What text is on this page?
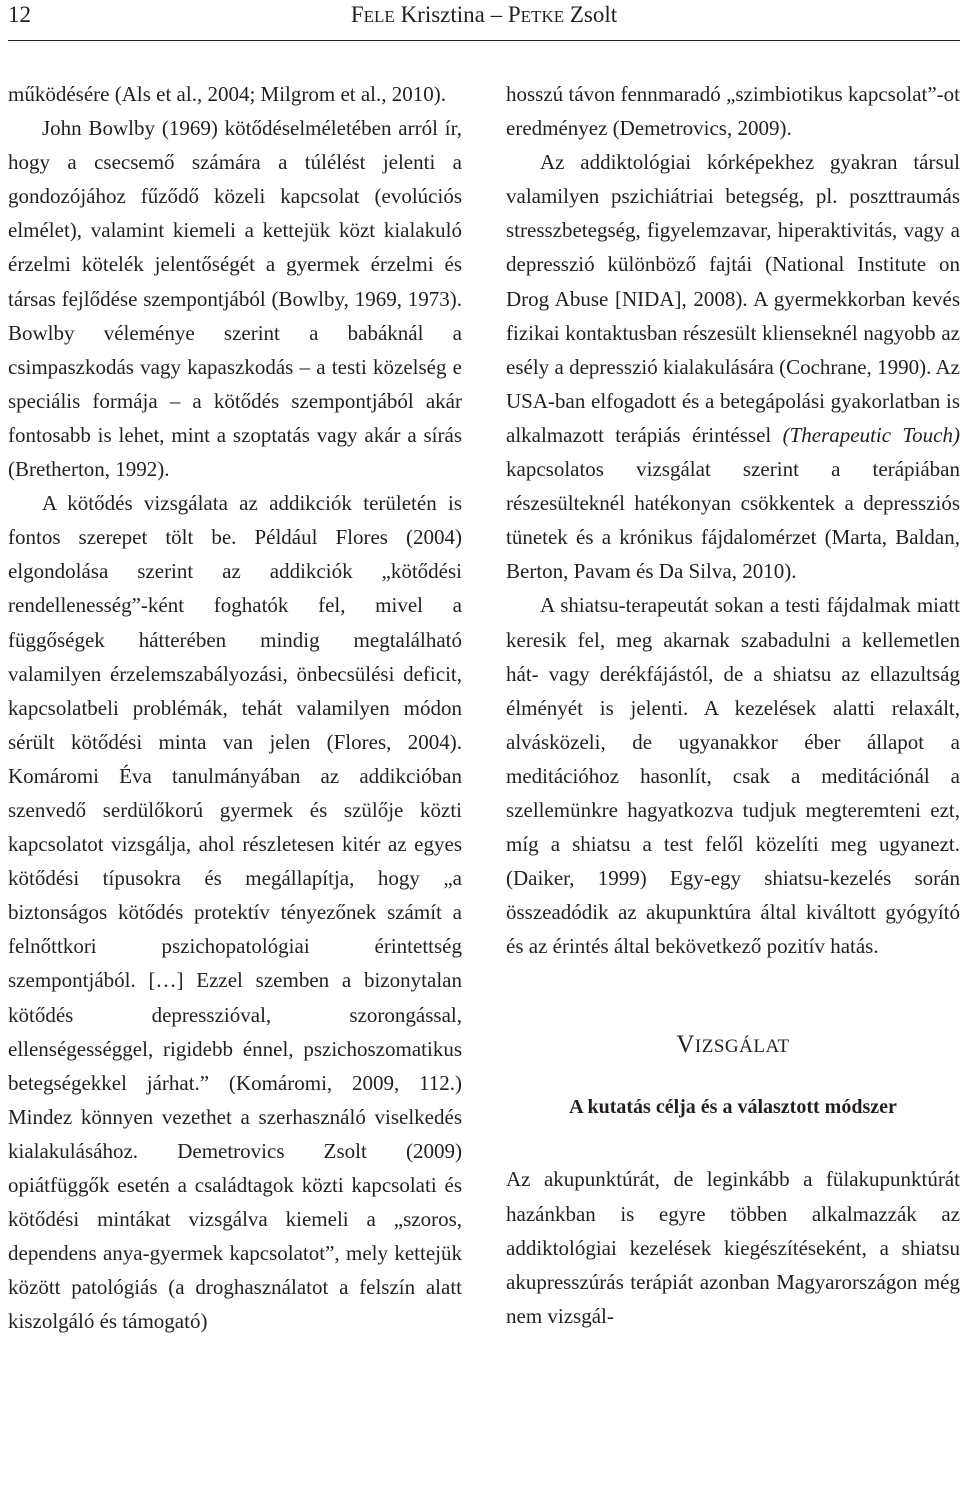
12	FELE Krisztina – PETKE Zsolt

működésére (Als et al., 2004; Milgrom et al., 2010).

John Bowlby (1969) kötődéselméletében arról ír, hogy a csecsemő számára a túlélést jelenti a gondozójához fűződő közeli kapcsolat (evolúciós elmélet), valamint kiemeli a kettejük közt kialakuló érzelmi kötelék jelentőségét a gyermek érzelmi és társas fejlődése szempontjából (Bowlby, 1969, 1973). Bowlby véleménye szerint a babáknál a csimpaszkodás vagy kapaszkodás – a testi közelség e speciális formája – a kötődés szempontjából akár fontosabb is lehet, mint a szoptatás vagy akár a sírás (Bretherton, 1992).

A kötődés vizsgálata az addikciók területén is fontos szerepet tölt be. Például Flores (2004) elgondolása szerint az addikciók „kötődési rendellenesség”-ként foghatók fel, mivel a függőségek hátterében mindig megtalálható valamilyen érzelemszabályozási, önbecsülési deficit, kapcsolatbeli problémák, tehát valamilyen módon sérült kötődési minta van jelen (Flores, 2004). Komáromi Éva tanulmányában az addikcióban szenvedő serdülőkorú gyermek és szülője közti kapcsolatot vizsgálja, ahol részletesen kitér az egyes kötődési típusokra és megállapítja, hogy „a biztonságos kötődés protektív tényezőnek számít a felnőttkori pszichopatológiai érintettség szempontjából. […] Ezzel szemben a bizonytalan kötődés depresszióval, szorongással, ellenségességgel, rigidebb énnel, pszichoszomatikus betegségekkel járhat.” (Komáromi, 2009, 112.) Mindez könnyen vezethet a szerhasználó viselkedés kialakulásához. Demetrovics Zsolt (2009) opiátfüggők esetén a családtagok közti kapcsolati és kötődési mintákat vizsgálva kiemeli a „szoros, dependens anya-gyermek kapcsolatot”, mely kettejük között patológiás (a droghasználatot a felszín alatt kiszolgáló és támogató)

hosszú távon fennmaradó „szimbiotikus kapcsolat”-ot eredményez (Demetrovics, 2009).

Az addiktológiai kórképekhez gyakran társul valamilyen pszichiátriai betegség, pl. poszttraumás stresszbetegség, figyelemzavar, hiperaktivitás, vagy a depresszió különböző fajtái (National Institute on Drog Abuse [NIDA], 2008). A gyermekkorban kevés fizikai kontaktusban részesült klienseknél nagyobb az esély a depresszió kialakulására (Cochrane, 1990). Az USA-ban elfogadott és a betegápolási gyakorlatban is alkalmazott terápiás érintéssel (Therapeutic Touch) kapcsolatos vizsgálat szerint a terápiában részesülteknél hatékonyan csökkentek a depressziós tünetek és a krónikus fájdalomérzet (Marta, Baldan, Berton, Pavam és Da Silva, 2010).

A shiatsu-terapeutát sokan a testi fájdalmak miatt keresik fel, meg akarnak szabadulni a kellemetlen hát- vagy derékfájástól, de a shiatsu az ellazultság élményét is jelenti. A kezelések alatti relaxált, alvásközeli, de ugyanakkor éber állapot a meditációhoz hasonlít, csak a meditációnál a szellemünkre hagyatkozva tudjuk megteremteni ezt, míg a shiatsu a test felől közelíti meg ugyanezt. (Daiker, 1999) Egy-egy shiatsu-kezelés során összeadódik az akupunktúra által kiváltott gyógyító és az érintés által bekövetkező pozitív hatás.

VIZSGÁLAT
A kutatás célja és a választott módszer

Az akupunktúrát, de leginkább a fülakupunktúrát hazánkban is egyre többen alkalmazzák az addiktológiai kezelések kiegészítéseként, a shiatsu akupresszúrás terápiát azonban Magyarországon még nem vizsgál-
